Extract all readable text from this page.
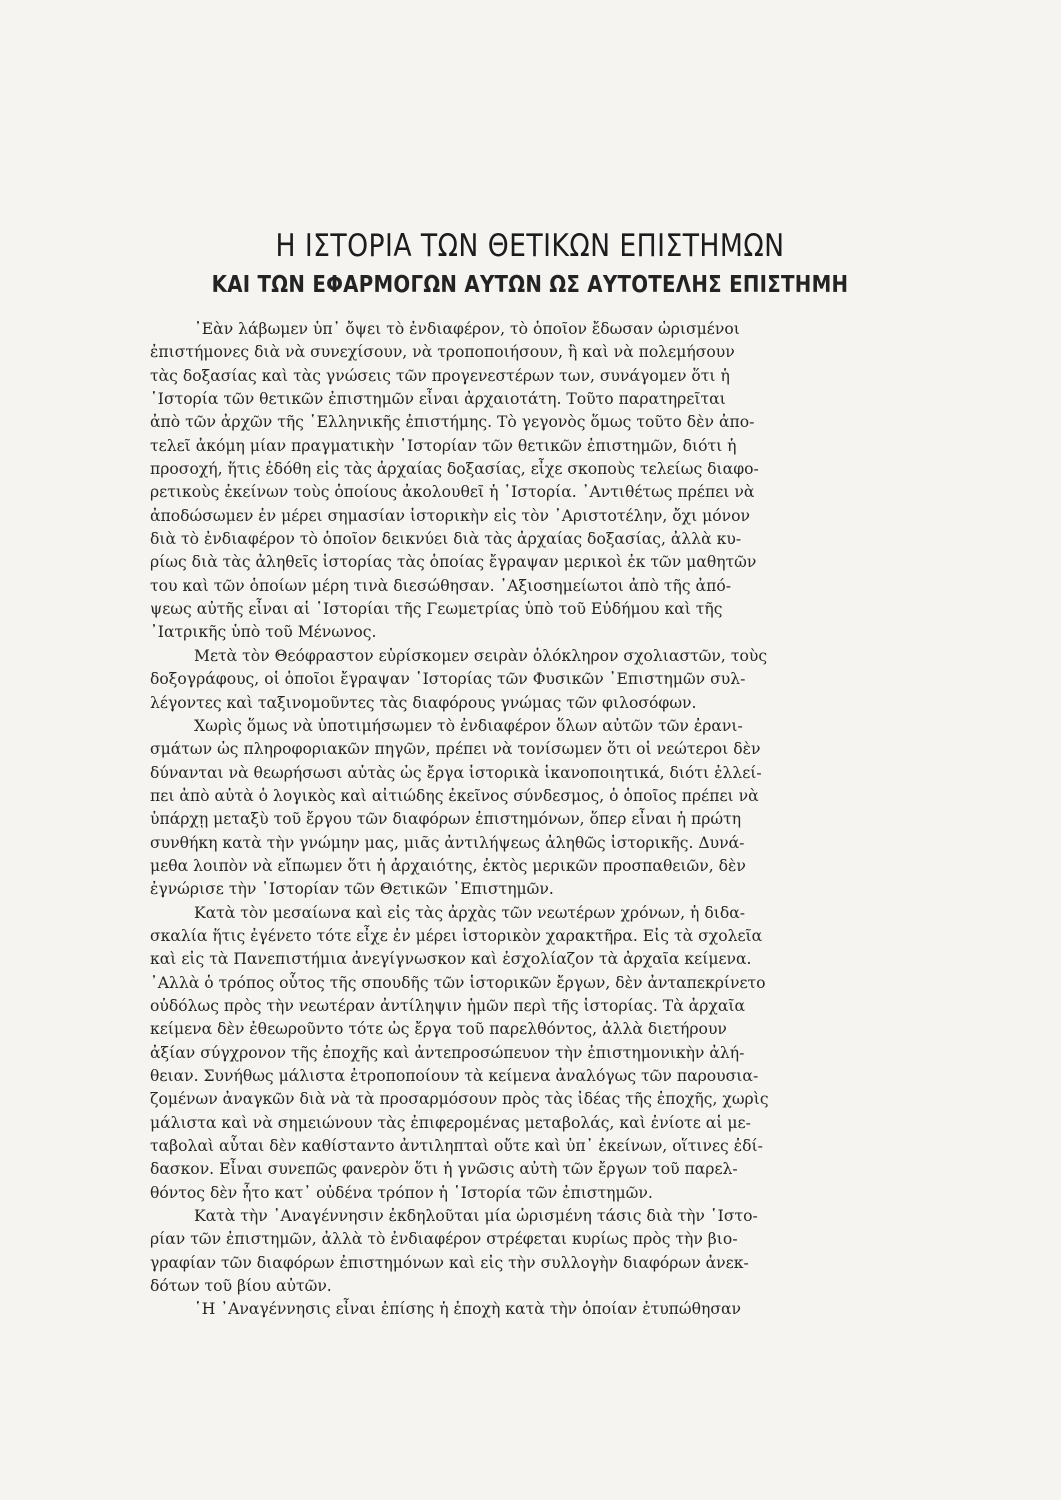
Η ΙΣΤΟΡΙΑ ΤΩΝ ΘΕΤΙΚΩΝ ΕΠΙΣΤΗΜΩΝ
ΚΑΙ ΤΩΝ ΕΦΑΡΜΟΓΩΝ ΑΥΤΩΝ ΩΣ ΑΥΤΟΤΕΛΗΣ ΕΠΙΣΤΗΜΗ
᾿Εὰν λάβωμεν ὑπ᾿ ὄψει τὸ ἐνδιαφέρον, τὸ ὁποῖον ἔδωσαν ὡρισμένοι
ἐπιστήμονες διὰ νὰ συνεχίσουν, νὰ τροποποιήσουν, ἢ καὶ νὰ πολεμήσουν
τὰς δοξασίας καὶ τὰς γνώσεις τῶν προγενεστέρων των, συνάγομεν ὅτι ἡ
῾Ιστορία τῶν θετικῶν ἐπιστημῶν εἶναι ἀρχαιοτάτη. Τοῦτο παρατηρεῖται
ἀπὸ τῶν ἀρχῶν τῆς ῾Ελληνικῆς ἐπιστήμης. Τὸ γεγονὸς ὅμως τοῦτο δὲν ἀπο-
τελεῖ ἀκόμη μίαν πραγματικὴν ῾Ιστορίαν τῶν θετικῶν ἐπιστημῶν, διότι ἡ
προσοχή, ἥτις ἐδόθη εἰς τὰς ἀρχαίας δοξασίας, εἶχε σκοποὺς τελείως διαφο-
ρετικοὺς ἐκείνων τοὺς ὁποίους ἀκολουθεῖ ἡ ῾Ιστορία. ᾿Αντιθέτως πρέπει νὰ
ἀποδώσωμεν ἐν μέρει σημασίαν ἱστορικὴν εἰς τὸν ᾿Αριστοτέλην, ὄχι μόνον
διὰ τὸ ἐνδιαφέρον τὸ ὁποῖον δεικνύει διὰ τὰς ἀρχαίας δοξασίας, ἀλλὰ κυ-
ρίως διὰ τὰς ἀληθεῖς ἱστορίας τὰς ὁποίας ἔγραψαν μερικοὶ ἐκ τῶν μαθητῶν
του καὶ τῶν ὁποίων μέρη τινὰ διεσώθησαν. ᾿Αξιοσημείωτοι ἀπὸ τῆς ἀπό-
ψεως αὐτῆς εἶναι αἱ ῾Ιστορίαι τῆς Γεωμετρίας ὑπὸ τοῦ Εὐδήμου καὶ τῆς
᾿Ιατρικῆς ὑπὸ τοῦ Μένωνος.
Μετὰ τὸν Θεόφραστον εὑρίσκομεν σειρὰν ὁλόκληρον σχολιαστῶν, τοὺς
δοξογράφους, οἱ ὁποῖοι ἔγραψαν ῾Ιστορίας τῶν Φυσικῶν ᾿Επιστημῶν συλ-
λέγοντες καὶ ταξινομοῦντες τὰς διαφόρους γνώμας τῶν φιλοσόφων.
Χωρὶς ὅμως νὰ ὑποτιμήσωμεν τὸ ἐνδιαφέρον ὅλων αὐτῶν τῶν ἐρανι-
σμάτων ὡς πληροφοριακῶν πηγῶν, πρέπει νὰ τονίσωμεν ὅτι οἱ νεώτεροι δὲν
δύνανται νὰ θεωρήσωσι αὐτὰς ὡς ἔργα ἱστορικὰ ἱκανοποιητικά, διότι ἐλλεί-
πει ἀπὸ αὐτὰ ὁ λογικὸς καὶ αἰτιώδης ἐκεῖνος σύνδεσμος, ὁ ὁποῖος πρέπει νὰ
ὑπάρχῃ μεταξὺ τοῦ ἔργου τῶν διαφόρων ἐπιστημόνων, ὅπερ εἶναι ἡ πρώτη
συνθήκη κατὰ τὴν γνώμην μας, μιᾶς ἀντιλήψεως ἀληθῶς ἱστορικῆς. Δυνά-
μεθα λοιπὸν νὰ εἴπωμεν ὅτι ἡ ἀρχαιότης, ἐκτὸς μερικῶν προσπαθειῶν, δὲν
ἐγνώρισε τὴν ῾Ιστορίαν τῶν Θετικῶν ᾿Επιστημῶν.
Κατὰ τὸν μεσαίωνα καὶ εἰς τὰς ἀρχὰς τῶν νεωτέρων χρόνων, ἡ διδα-
σκαλία ἥτις ἐγένετο τότε εἶχε ἐν μέρει ἱστορικὸν χαρακτῆρα. Εἰς τὰ σχολεῖα
καὶ εἰς τὰ Πανεπιστήμια ἀνεγίγνωσκον καὶ ἐσχολίαζον τὰ ἀρχαῖα κείμενα.
᾿Αλλὰ ὁ τρόπος οὗτος τῆς σπουδῆς τῶν ἱστορικῶν ἔργων, δὲν ἀνταπεκρίνετο
οὐδόλως πρὸς τὴν νεωτέραν ἀντίληψιν ἡμῶν περὶ τῆς ἱστορίας. Τὰ ἀρχαῖα
κείμενα δὲν ἐθεωροῦντο τότε ὡς ἔργα τοῦ παρελθόντος, ἀλλὰ διετήρουν
ἀξίαν σύγχρονον τῆς ἐποχῆς καὶ ἀντεπροσώπευον τὴν ἐπιστημονικὴν ἀλή-
θειαν. Συνήθως μάλιστα ἐτροποποίουν τὰ κείμενα ἀναλόγως τῶν παρουσια-
ζομένων ἀναγκῶν διὰ νὰ τὰ προσαρμόσουν πρὸς τὰς ἰδέας τῆς ἐποχῆς, χωρὶς
μάλιστα καὶ νὰ σημειώνουν τὰς ἐπιφερομένας μεταβολάς, καὶ ἐνίοτε αἱ με-
ταβολαὶ αὗται δὲν καθίσταντο ἀντιληπταὶ οὔτε καὶ ὑπ᾿ ἐκείνων, οἵτινες ἐδί-
δασκον. Εἶναι συνεπῶς φανερὸν ὅτι ἡ γνῶσις αὐτὴ τῶν ἔργων τοῦ παρελ-
θόντος δὲν ἦτο κατ᾿ οὐδένα τρόπον ἡ ῾Ιστορία τῶν ἐπιστημῶν.
Κατὰ τὴν ᾿Αναγέννησιν ἐκδηλοῦται μία ὡρισμένη τάσις διὰ τὴν ῾Ιστο-
ρίαν τῶν ἐπιστημῶν, ἀλλὰ τὸ ἐνδιαφέρον στρέφεται κυρίως πρὸς τὴν βιο-
γραφίαν τῶν διαφόρων ἐπιστημόνων καὶ εἰς τὴν συλλογὴν διαφόρων ἀνεκ-
δότων τοῦ βίου αὐτῶν.
῾Η ᾿Αναγέννησις εἶναι ἐπίσης ἡ ἐποχὴ κατὰ τὴν ὁποίαν ἐτυπώθησαν
